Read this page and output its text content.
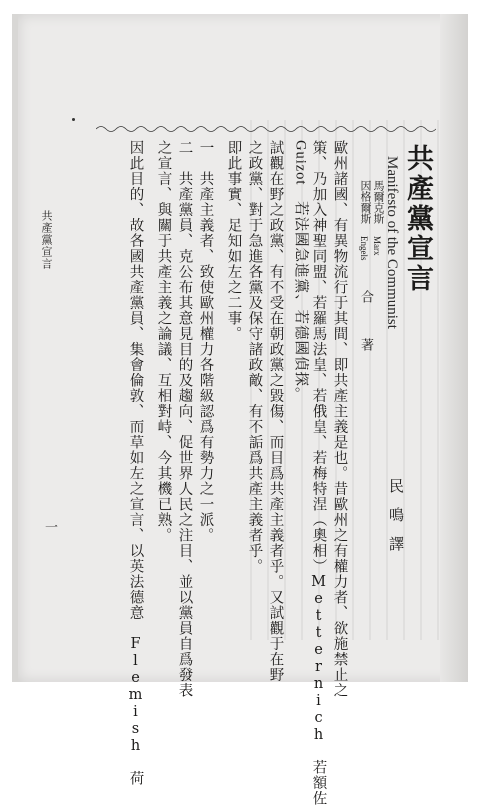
共產黨宣言
Manifesto of the Communist
民鳴譯
馬爾克斯
Marx
因格爾斯
Engels
合 著
歐州諸國、有異物流行于其間、即共產主義是也。昔歐州之有權力者、欲施禁止之
策、乃加入神聖同盟、若羅馬法皇、若俄皇、若梅特涅（奧相）Metternich　若額佐
Guizot　若法國急進黨、若德國偵探。
試觀在野之政黨、有不受在朝政黨之毀傷、而目爲共產主義者乎。又試觀于在野
之政黨、對于急進各黨及保守諸政敵、有不詬爲共產主義者乎。
即此事實、足知如左之二事。
一　共產主義者、致使歐州權力各階級認爲有勢力之一派。
二　共產黨員、克公布其意見目的及趨向、促世界人民之注目、並以黨員自爲發表
之宣言、與關于共產主義之論議、互相對峙、今其機已熟。
因此目的、故各國共產黨員、集會倫敦、而草如左之宣言、以英法德意　Flemish　荷
共產黨宣言
一
